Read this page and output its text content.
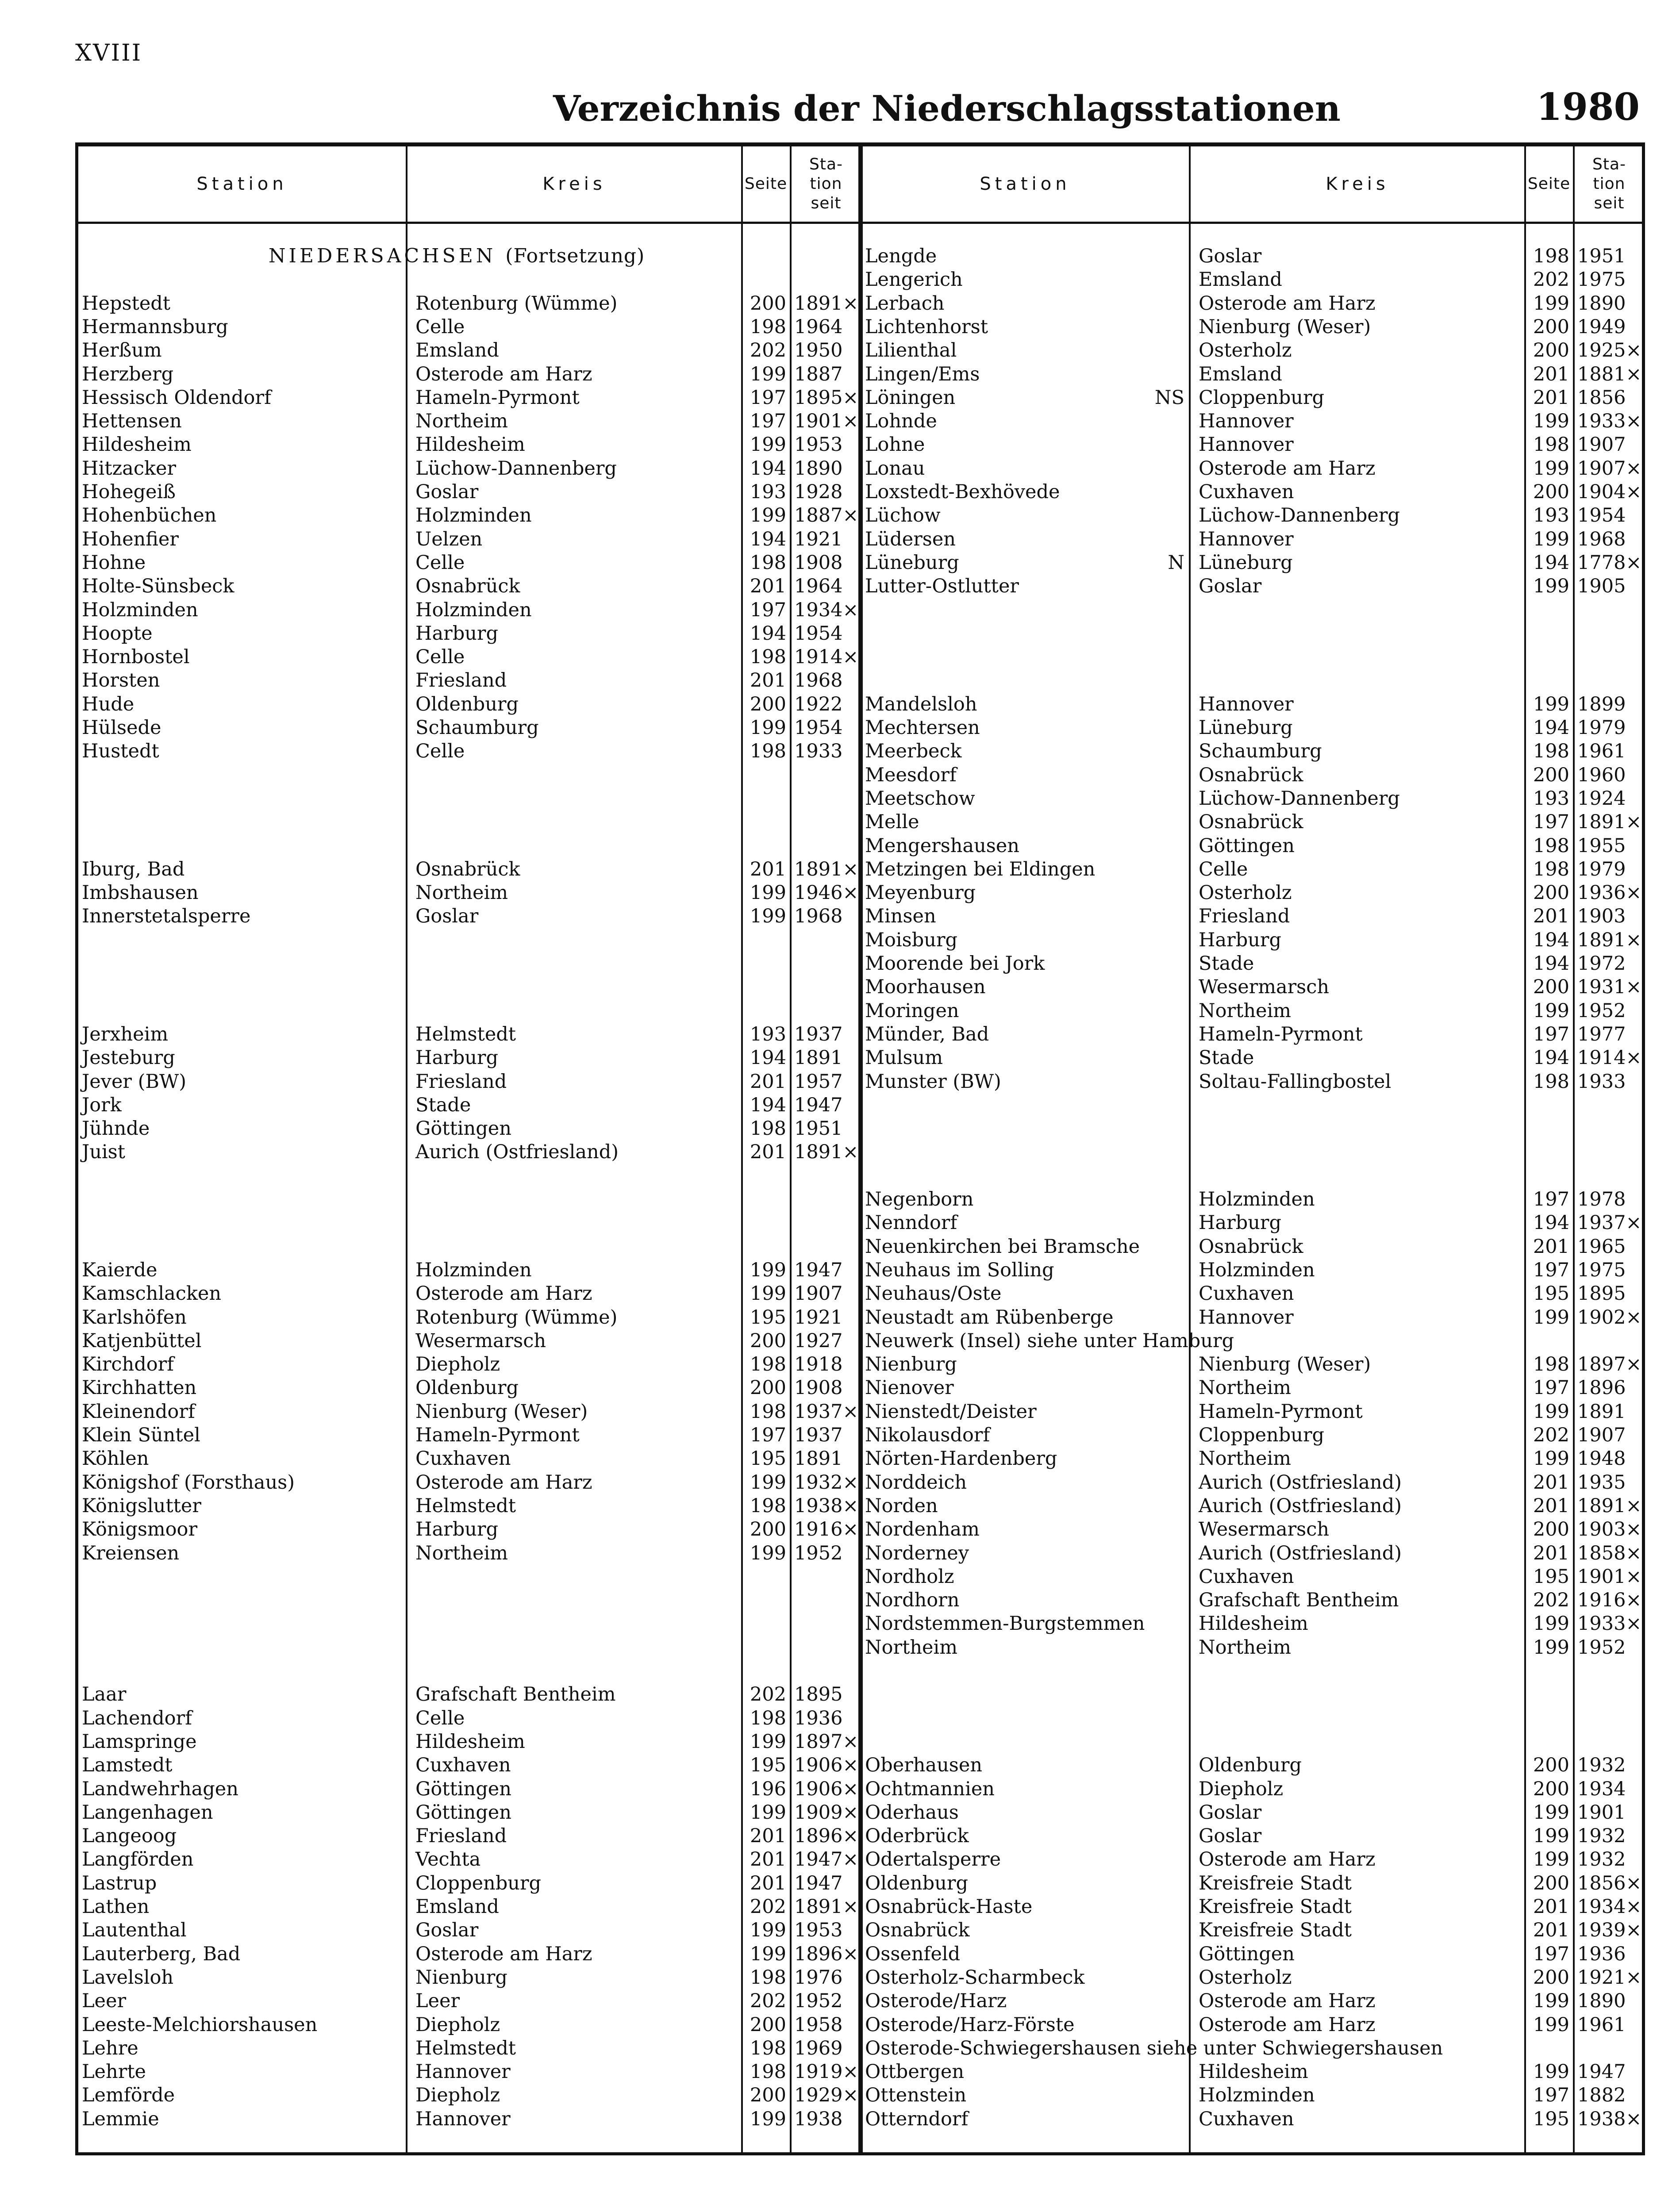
XVIII
Verzeichnis der Niederschlagsstationen	1980
Station	Kreis	Seite
Sta-
tion
seit
NIEDERSACHSEN (Fortsetzung)
Hepstedt	Rotenburg (Wümme)	200 1891×
Hermannsburg	Celle	198 1964
Herßum	Emsland	202 1950
Herzberg	Osterode am Harz	199 1887
Hessisch Oldendorf	Hameln-Pyrmont	197 1895×
Hettensen	Northeim	197 1901×
Hildesheim	Hildesheim	199 1953
Hitzacker	Lüchow-Dannenberg	194 1890
Hohegeiß	Goslar	193 1928
Hohenbüchen	Holzminden	199 1887×
Hohenfier	Uelzen	194 1921
Hohne	Celle	198 1908
Holte-Sünsbeck	Osnabrück	201 1964
Holzminden	Holzminden	197 1934×
Hoopte	Harburg	194 1954
Hornbostel	Celle	198 1914×
Horsten	Friesland	201 1968
Hude	Oldenburg	200 1922
Hülsede	Schaumburg	199 1954
Hustedt	Celle	198 1933
Iburg, Bad	Osnabrück	201 1891×
Imbshausen	Northeim	199 1946×
Innerstetalsperre	Goslar	199 1968
Jerxheim	Helmstedt	193 1937
Jesteburg	Harburg	194 1891
Jever (BW)	Friesland	201 1957
Jork	Stade	194 1947
Jühnde	Göttingen	198 1951
Juist	Aurich (Ostfriesland)	201 1891×
Kaierde	Holzminden	199 1947
Kamschlacken	Osterode am Harz	199 1907
Karlshöfen	Rotenburg (Wümme)	195 1921
Katjenbüttel	Wesermarsch	200 1927
Kirchdorf	Diepholz	198 1918
Kirchhatten	Oldenburg	200 1908
Kleinendorf	Nienburg (Weser)	198 1937×
Klein Süntel	Hameln-Pyrmont	197 1937
Köhlen	Cuxhaven	195 1891
Königshof (Forsthaus)	Osterode am Harz	199 1932×
Königslutter	Helmstedt	198 1938×
Königsmoor	Harburg	200 1916×
Kreiensen	Northeim	199 1952
Laar	Grafschaft Bentheim	202 1895
Lachendorf	Celle	198 1936
Lamspringe	Hildesheim	199 1897×
Lamstedt	Cuxhaven	195 1906×
Landwehrhagen	Göttingen	196 1906×
Langenhagen	Göttingen	199 1909×
Langeoog	Friesland	201 1896×
Langförden	Vechta	201 1947×
Lastrup	Cloppenburg	201 1947
Lathen	Emsland	202 1891×
Lautenthal	Goslar	199 1953
Lauterberg, Bad	Osterode am Harz	199 1896×
Lavelsloh	Nienburg	198 1976
Leer	Leer	202 1952
Leeste-Melchiorshausen	Diepholz	200 1958
Lehre	Helmstedt	198 1969
Lehrte	Hannover	198 1919×
Lemförde	Diepholz	200 1929×
Lemmie	Hannover	199 1938
Station	Kreis	Seite
Sta-
tion
seit
Lengde	Goslar	198 1951
Lengerich	Emsland	202 1975
Lerbach	Osterode am Harz	199 1890
Lichtenhorst	Nienburg (Weser)	200 1949
Lilienthal	Osterholz	200 1925×
Lingen/Ems	Emsland	201 1881×
Löningen	NS Cloppenburg	201 1856
Lohnde	Hannover	199 1933×
Lohne	Hannover	198 1907
Lonau	Osterode am Harz	199 1907×
Loxstedt-Bexhövede	Cuxhaven	200 1904×
Lüchow	Lüchow-Dannenberg	193 1954
Lüdersen	Hannover	199 1968
Lüneburg	N Lüneburg	194 1778×
Lutter-Ostlutter	Goslar	199 1905
Mandelsloh	Hannover	199 1899
Mechtersen	Lüneburg	194 1979
Meerbeck	Schaumburg	198 1961
Meesdorf	Osnabrück	200 1960
Meetschow	Lüchow-Dannenberg	193 1924
Melle	Osnabrück	197 1891×
Mengershausen	Göttingen	198 1955
Metzingen bei Eldingen	Celle	198 1979
Meyenburg	Osterholz	200 1936×
Minsen	Friesland	201 1903
Moisburg	Harburg	194 1891×
Moorende bei Jork	Stade	194 1972
Moorhausen	Wesermarsch	200 1931×
Moringen	Northeim	199 1952
Münder, Bad	Hameln-Pyrmont	197 1977
Mulsum	Stade	194 1914×
Munster (BW)	Soltau-Fallingbostel	198 1933
Negenborn	Holzminden	197 1978
Nenndorf	Harburg	194 1937×
Neuenkirchen bei Bramsche	Osnabrück	201 1965
Neuhaus im Solling	Holzminden	197 1975
Neuhaus/Oste	Cuxhaven	195 1895
Neustadt am Rübenberge	Hannover	199 1902×
Neuwerk (Insel) siehe unter Hamburg
Nienburg	Nienburg (Weser)	198 1897×
Nienover	Northeim	197 1896
Nienstedt/Deister	Hameln-Pyrmont	199 1891
Nikolausdorf	Cloppenburg	202 1907
Nörten-Hardenberg	Northeim	199 1948
Norddeich	Aurich (Ostfriesland)	201 1935
Norden	Aurich (Ostfriesland)	201 1891×
Nordenham	Wesermarsch	200 1903×
Norderney	Aurich (Ostfriesland)	201 1858×
Nordholz	Cuxhaven	195 1901×
Nordhorn	Grafschaft Bentheim	202 1916×
Nordstemmen-Burgstemmen	Hildesheim	199 1933×
Northeim	Northeim	199 1952
Oberhausen	Oldenburg	200 1932
Ochtmannien	Diepholz	200 1934
Oderhaus	Goslar	199 1901
Oderbrück	Goslar	199 1932
Odertalsperre	Osterode am Harz	199 1932
Oldenburg	Kreisfreie Stadt	200 1856×
Osnabrück-Haste	Kreisfreie Stadt	201 1934×
Osnabrück	Kreisfreie Stadt	201 1939×
Ossenfeld	Göttingen	197 1936
Osterholz-Scharmbeck	Osterholz	200 1921×
Osterode/Harz	Osterode am Harz	199 1890
Osterode/Harz-Förste	Osterode am Harz	199 1961
Osterode-Schwiegershausen siehe unter Schwiegershausen
Ottbergen	Hildesheim	199 1947
Ottenstein	Holzminden	197 1882
Otterndorf	Cuxhaven	195 1938×
